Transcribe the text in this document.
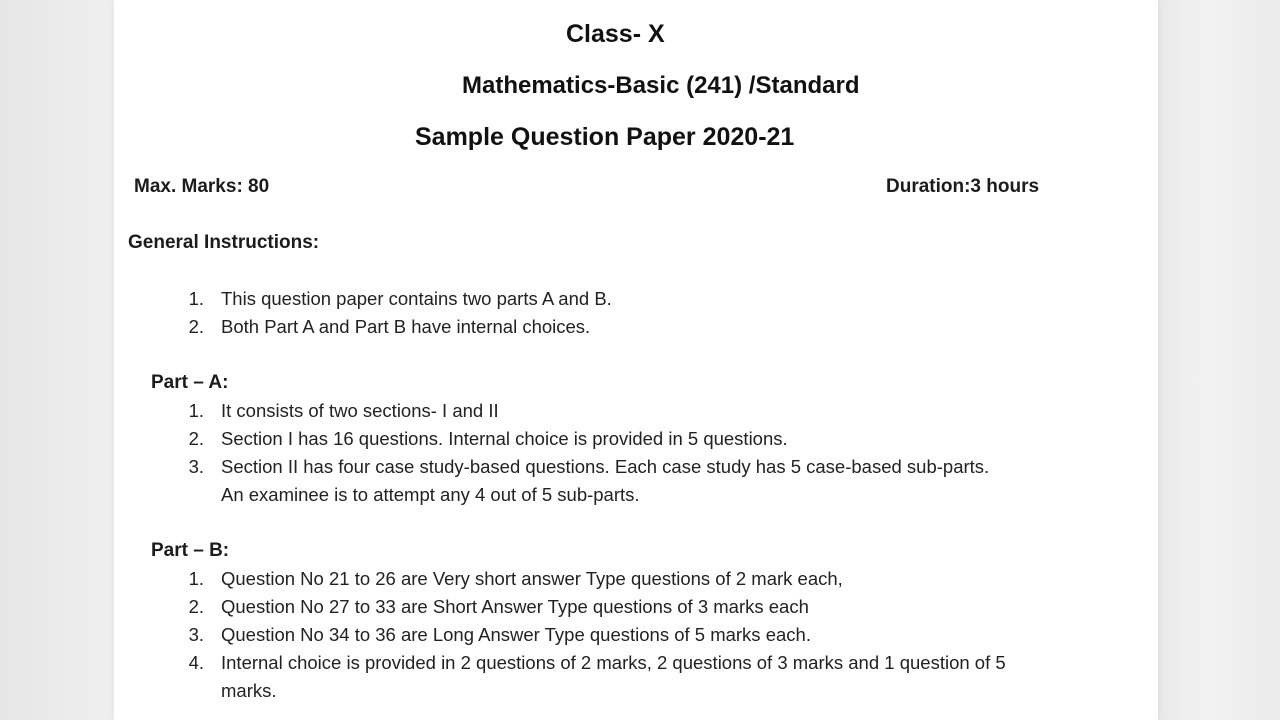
Class- X
Mathematics-Basic (241) /Standard
Sample Question Paper 2020-21
Max. Marks: 80	Duration:3 hours
General Instructions:
1. This question paper contains two parts A and B.
2. Both Part A and Part B have internal choices.
Part – A:
1. It consists of two sections- I and II
2. Section I has 16 questions. Internal choice is provided in 5 questions.
3. Section II has four case study-based questions. Each case study has 5 case-based sub-parts.
An examinee is to attempt any 4 out of 5 sub-parts.
Part – B:
1. Question No 21 to 26 are Very short answer Type questions of 2 mark each,
2. Question No 27 to 33 are Short Answer Type questions of 3 marks each
3. Question No 34 to 36 are Long Answer Type questions of 5 marks each.
4. Internal choice is provided in 2 questions of 2 marks, 2 questions of 3 marks and 1 question of 5
marks.
